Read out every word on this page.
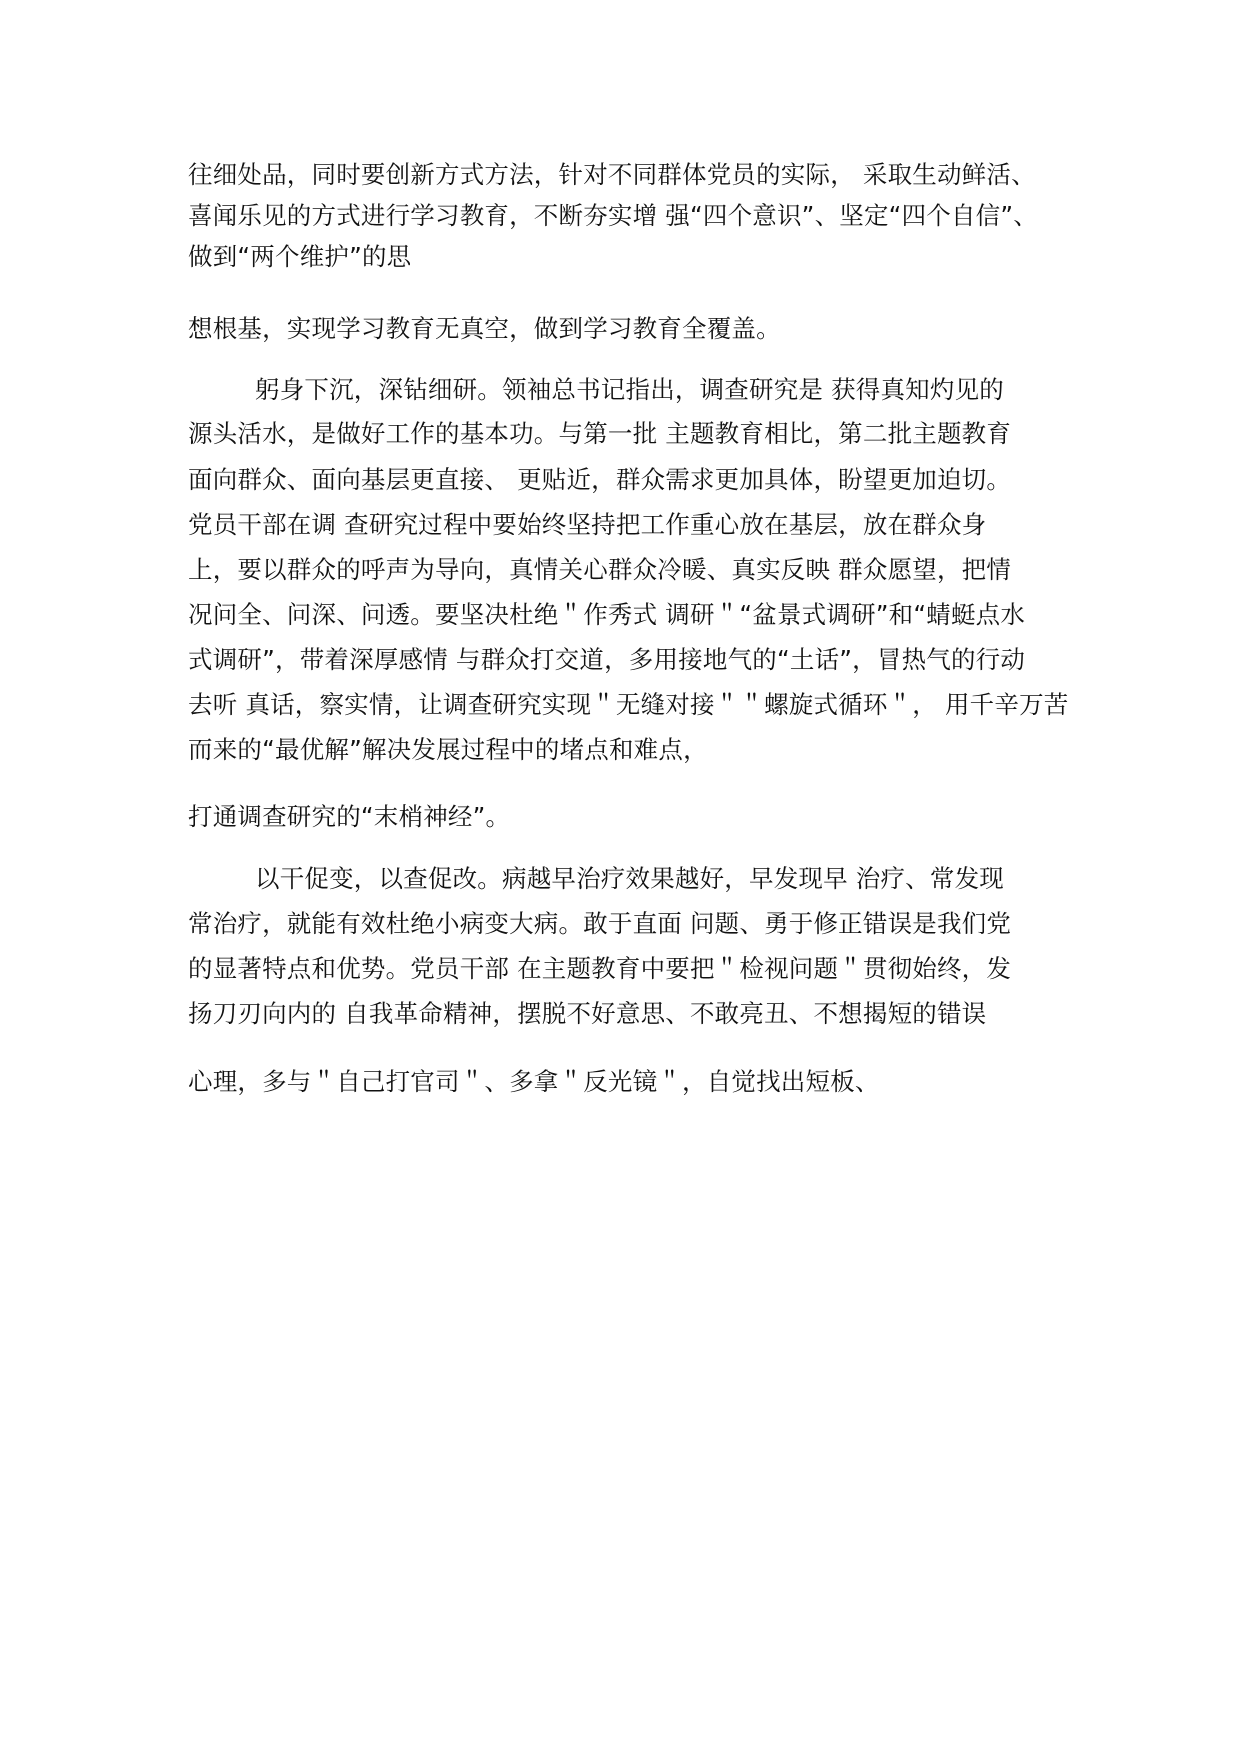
往细处品，同时要创新方式方法，针对不同群体党员的实际， 采取生动鲜活、
喜闻乐见的方式进行学习教育，不断夯实增 强“四个意识”、坚定“四个自信”、
做到“两个维护”的思
想根基，实现学习教育无真空，做到学习教育全覆盖。
躬身下沉，深钻细研。领袖总书记指出，调查研究是 获得真知灼见的
源头活水，是做好工作的基本功。与第一批 主题教育相比，第二批主题教育
面向群众、面向基层更直接、 更贴近，群众需求更加具体，盼望更加迫切。
党员干部在调 查研究过程中要始终坚持把工作重心放在基层，放在群众身
上，要以群众的呼声为导向，真情关心群众冷暖、真实反映 群众愿望，把情
况问全、问深、问透。要坚决杜绝＂作秀式 调研＂“盆景式调研”和“蜻蜓点水
式调研”，带着深厚感情 与群众打交道，多用接地气的“土话”，冒热气的行动
去听 真话，察实情，让调查研究实现＂无缝对接＂＂螺旋式循环＂， 用千辛万苦
而来的“最优解”解决发展过程中的堵点和难点，
打通调查研究的“末梢神经”。
以干促变，以查促改。病越早治疗效果越好，早发现早 治疗、常发现
常治疗，就能有效杜绝小病变大病。敢于直面 问题、勇于修正错误是我们党
的显著特点和优势。党员干部 在主题教育中要把＂检视问题＂贯彻始终，发
扬刀刃向内的 自我革命精神，摆脱不好意思、不敢亮丑、不想揭短的错误
心理，多与＂自己打官司＂、多拿＂反光镜＂，自觉找出短板、
